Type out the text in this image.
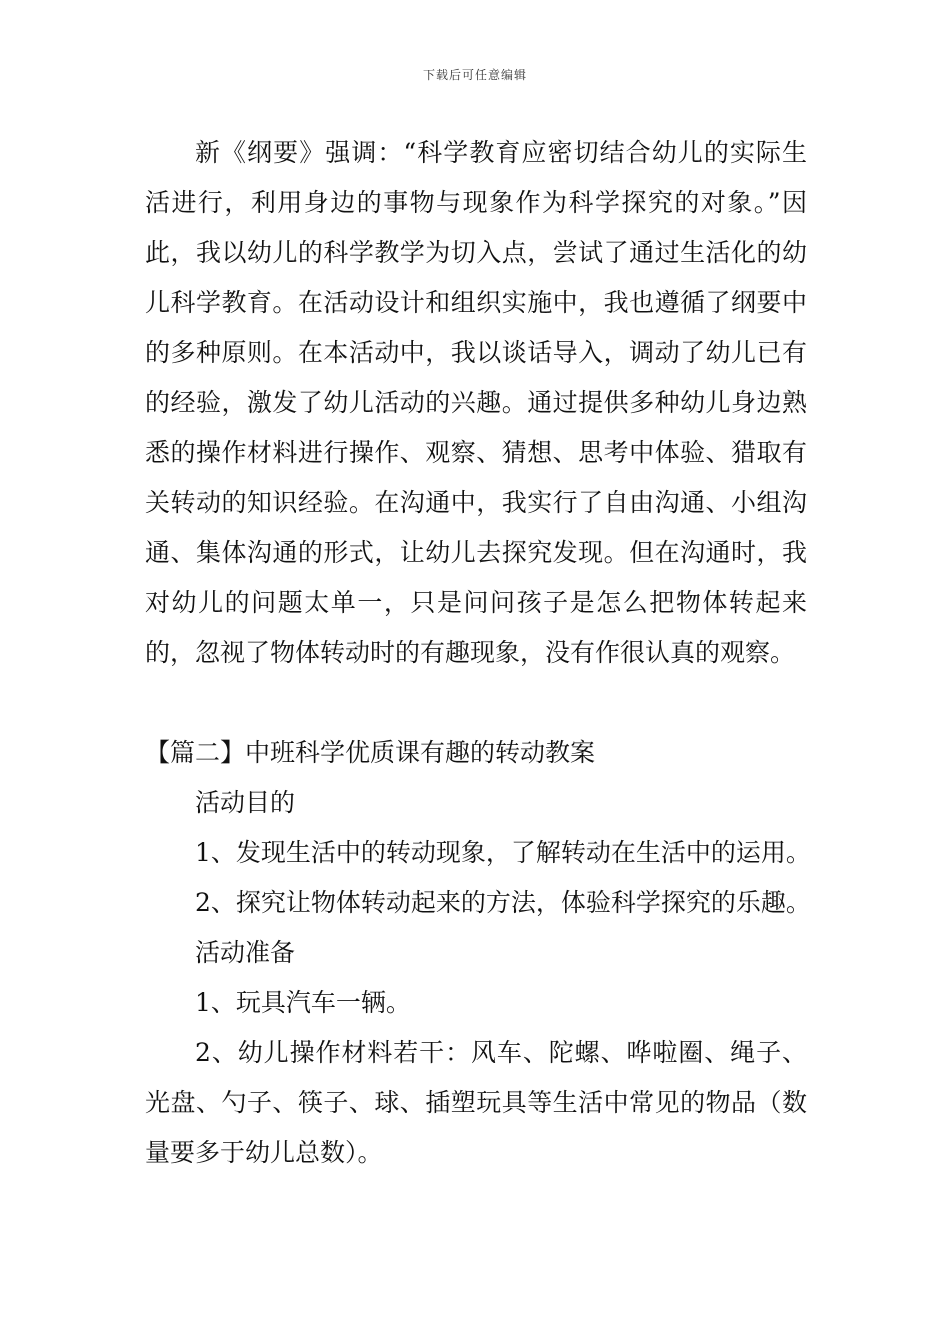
下载后可任意编辑

新《纲要》强调：“科学教育应密切结合幼儿的实际生活进行，利用身边的事物与现象作为科学探究的对象。”因此，我以幼儿的科学教学为切入点，尝试了通过生活化的幼儿科学教育。在活动设计和组织实施中，我也遵循了纲要中的多种原则。在本活动中，我以谈话导入，调动了幼儿已有的经验，激发了幼儿活动的兴趣。通过提供多种幼儿身边熟悉的操作材料进行操作、观察、猜想、思考中体验、猎取有关转动的知识经验。在沟通中，我实行了自由沟通、小组沟通、集体沟通的形式，让幼儿去探究发现。但在沟通时，我对幼儿的问题太单一，只是问问孩子是怎么把物体转起来的，忽视了物体转动时的有趣现象，没有作很认真的观察。

【篇二】中班科学优质课有趣的转动教案

活动目的

1、发现生活中的转动现象，了解转动在生活中的运用。

2、探究让物体转动起来的方法，体验科学探究的乐趣。

活动准备

1、玩具汽车一辆。

2、幼儿操作材料若干：风车、陀螺、哗啦圈、绳子、光盘、勺子、筷子、球、插塑玩具等生活中常见的物品（数量要多于幼儿总数）。
